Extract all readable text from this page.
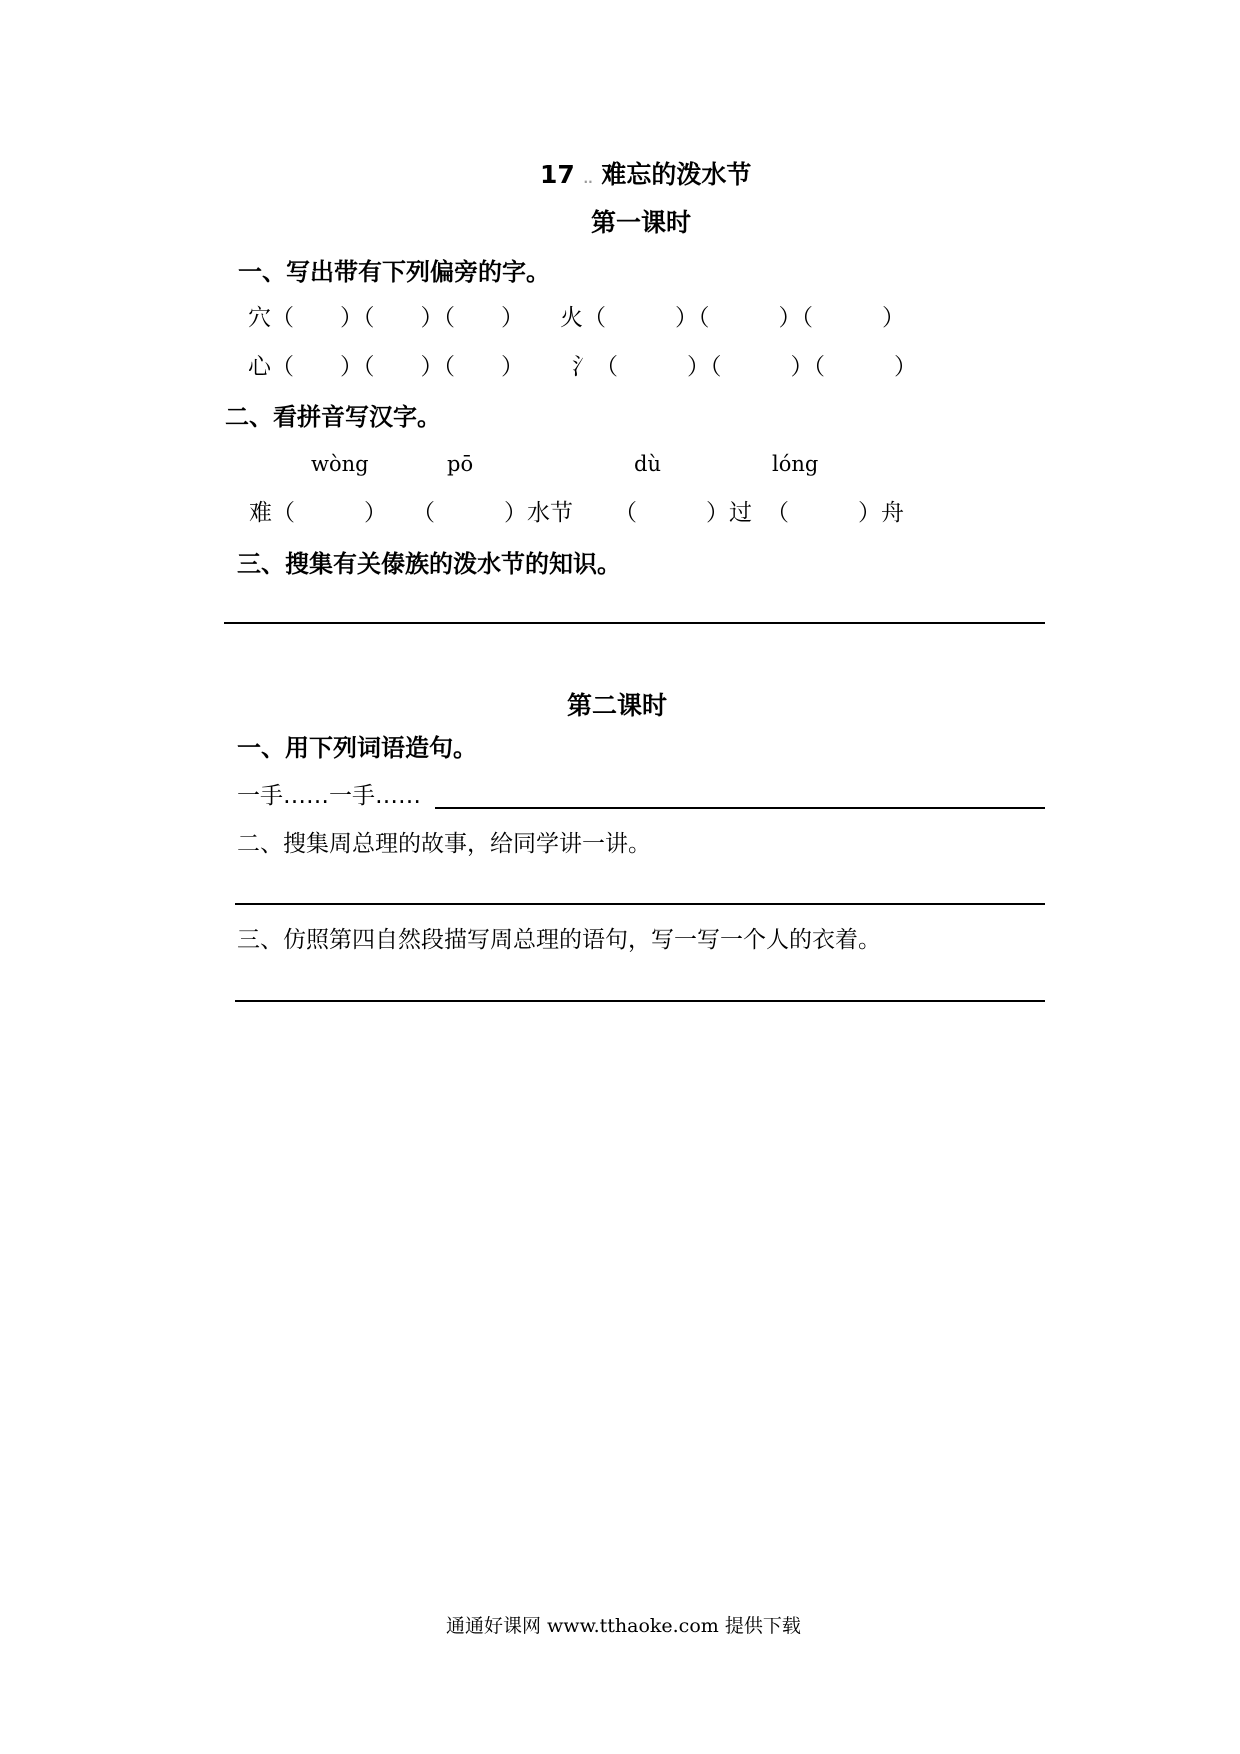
17 .. 难忘的泼水节
第一课时
一、写出带有下列偏旁的字。
穴（　　）（　　）（　　） 火（　　　）（　　　）（　　　）
心（　　）（　　）（　　） 氵（　　　）（　　　）（　　　）
二、看拼音写汉字。
wòng	pō	dù	lóng
难（　　　） （　　　）水节 （　　　）过 （　　　）舟
三、搜集有关傣族的泼水节的知识。
第二课时
一、用下列词语造句。
一手……一手……
二、搜集周总理的故事，给同学讲一讲。
三、仿照第四自然段描写周总理的语句，写一写一个人的衣着。
通通好课网 www.tthaoke.com 提供下载
